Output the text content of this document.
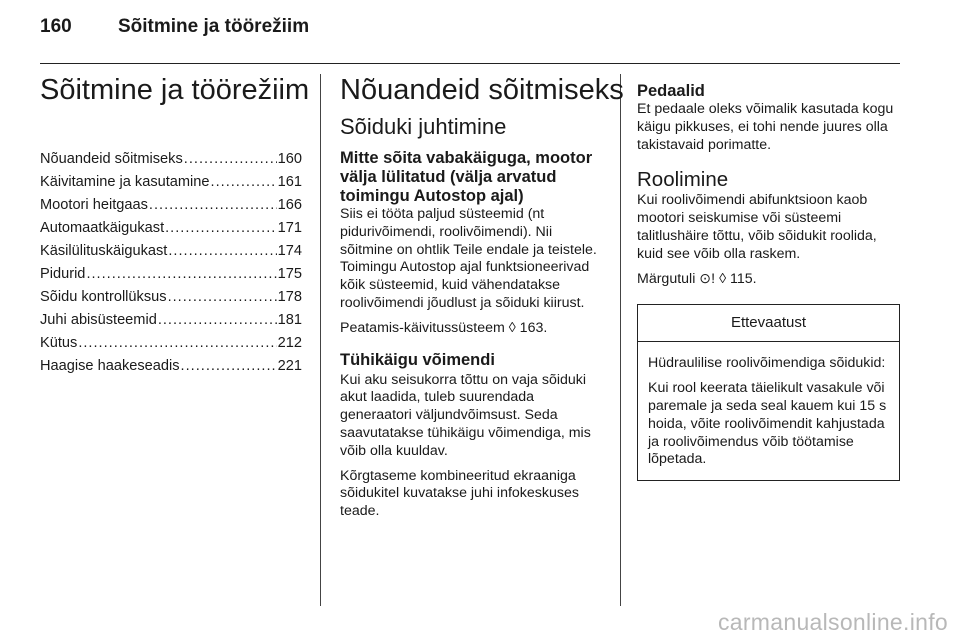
160 Sõitmine ja töörežiim
Sõitmine ja töörežiim
Nõuandeid sõitmiseks .....	160
Käivitamine ja kasutamine .....	161
Mootori heitgaas .....	166
Automaatkäigukast .....	171
Käsilülituskäigukast .....	174
Pidurid .....	175
Sõidu kontrollüksus .....	178
Juhi abisüsteemid .....	181
Kütus .....	212
Haagise haakeseadis .....	221
Nõuandeid sõitmiseks
Sõiduki juhtimine
Mitte sõita vabakäiguga, mootor välja lülitatud (välja arvatud toimingu Autostop ajal)

Siis ei tööta paljud süsteemid (nt pidurivõimendi, roolivõimendi). Nii sõitmine on ohtlik Teile endale ja teistele. Toimingu Autostop ajal funktsioneerivad kõik süsteemid, kuid vähendatakse roolivõimendi jõudlust ja sõiduki kiirust.

Peatamis-käivitussüsteem ◊ 163.

Tühikäigu võimendi

Kui aku seisukorra tõttu on vaja sõiduki akut laadida, tuleb suurendada generaatori väljundvõimsust. Seda saavutatakse tühikäigu võimendiga, mis võib olla kuuldav.

Kõrgtaseme kombineeritud ekraaniga sõidukitel kuvatakse juhi infokeskuses teade.

Pedaalid

Et pedaale oleks võimalik kasutada kogu käigu pikkuses, ei tohi nende juures olla takistavaid porimatte.

Roolimine

Kui roolivõimendi abifunktsioon kaob mootori seiskumise või süsteemi talitlushäire tõttu, võib sõidukit roolida, kuid see võib olla raskem.

Märgutuli ⊙! ◊ 115.

Ettevaatust

Hüdraulilise roolivõimendiga sõidukid:

Kui rool keerata täielikult vasakule või paremale ja seda seal kauem kui 15 s hoida, võite roolivõimendit kahjustada ja roolivõimendus võib töötamise lõpetada.

carmanualsonline.info
